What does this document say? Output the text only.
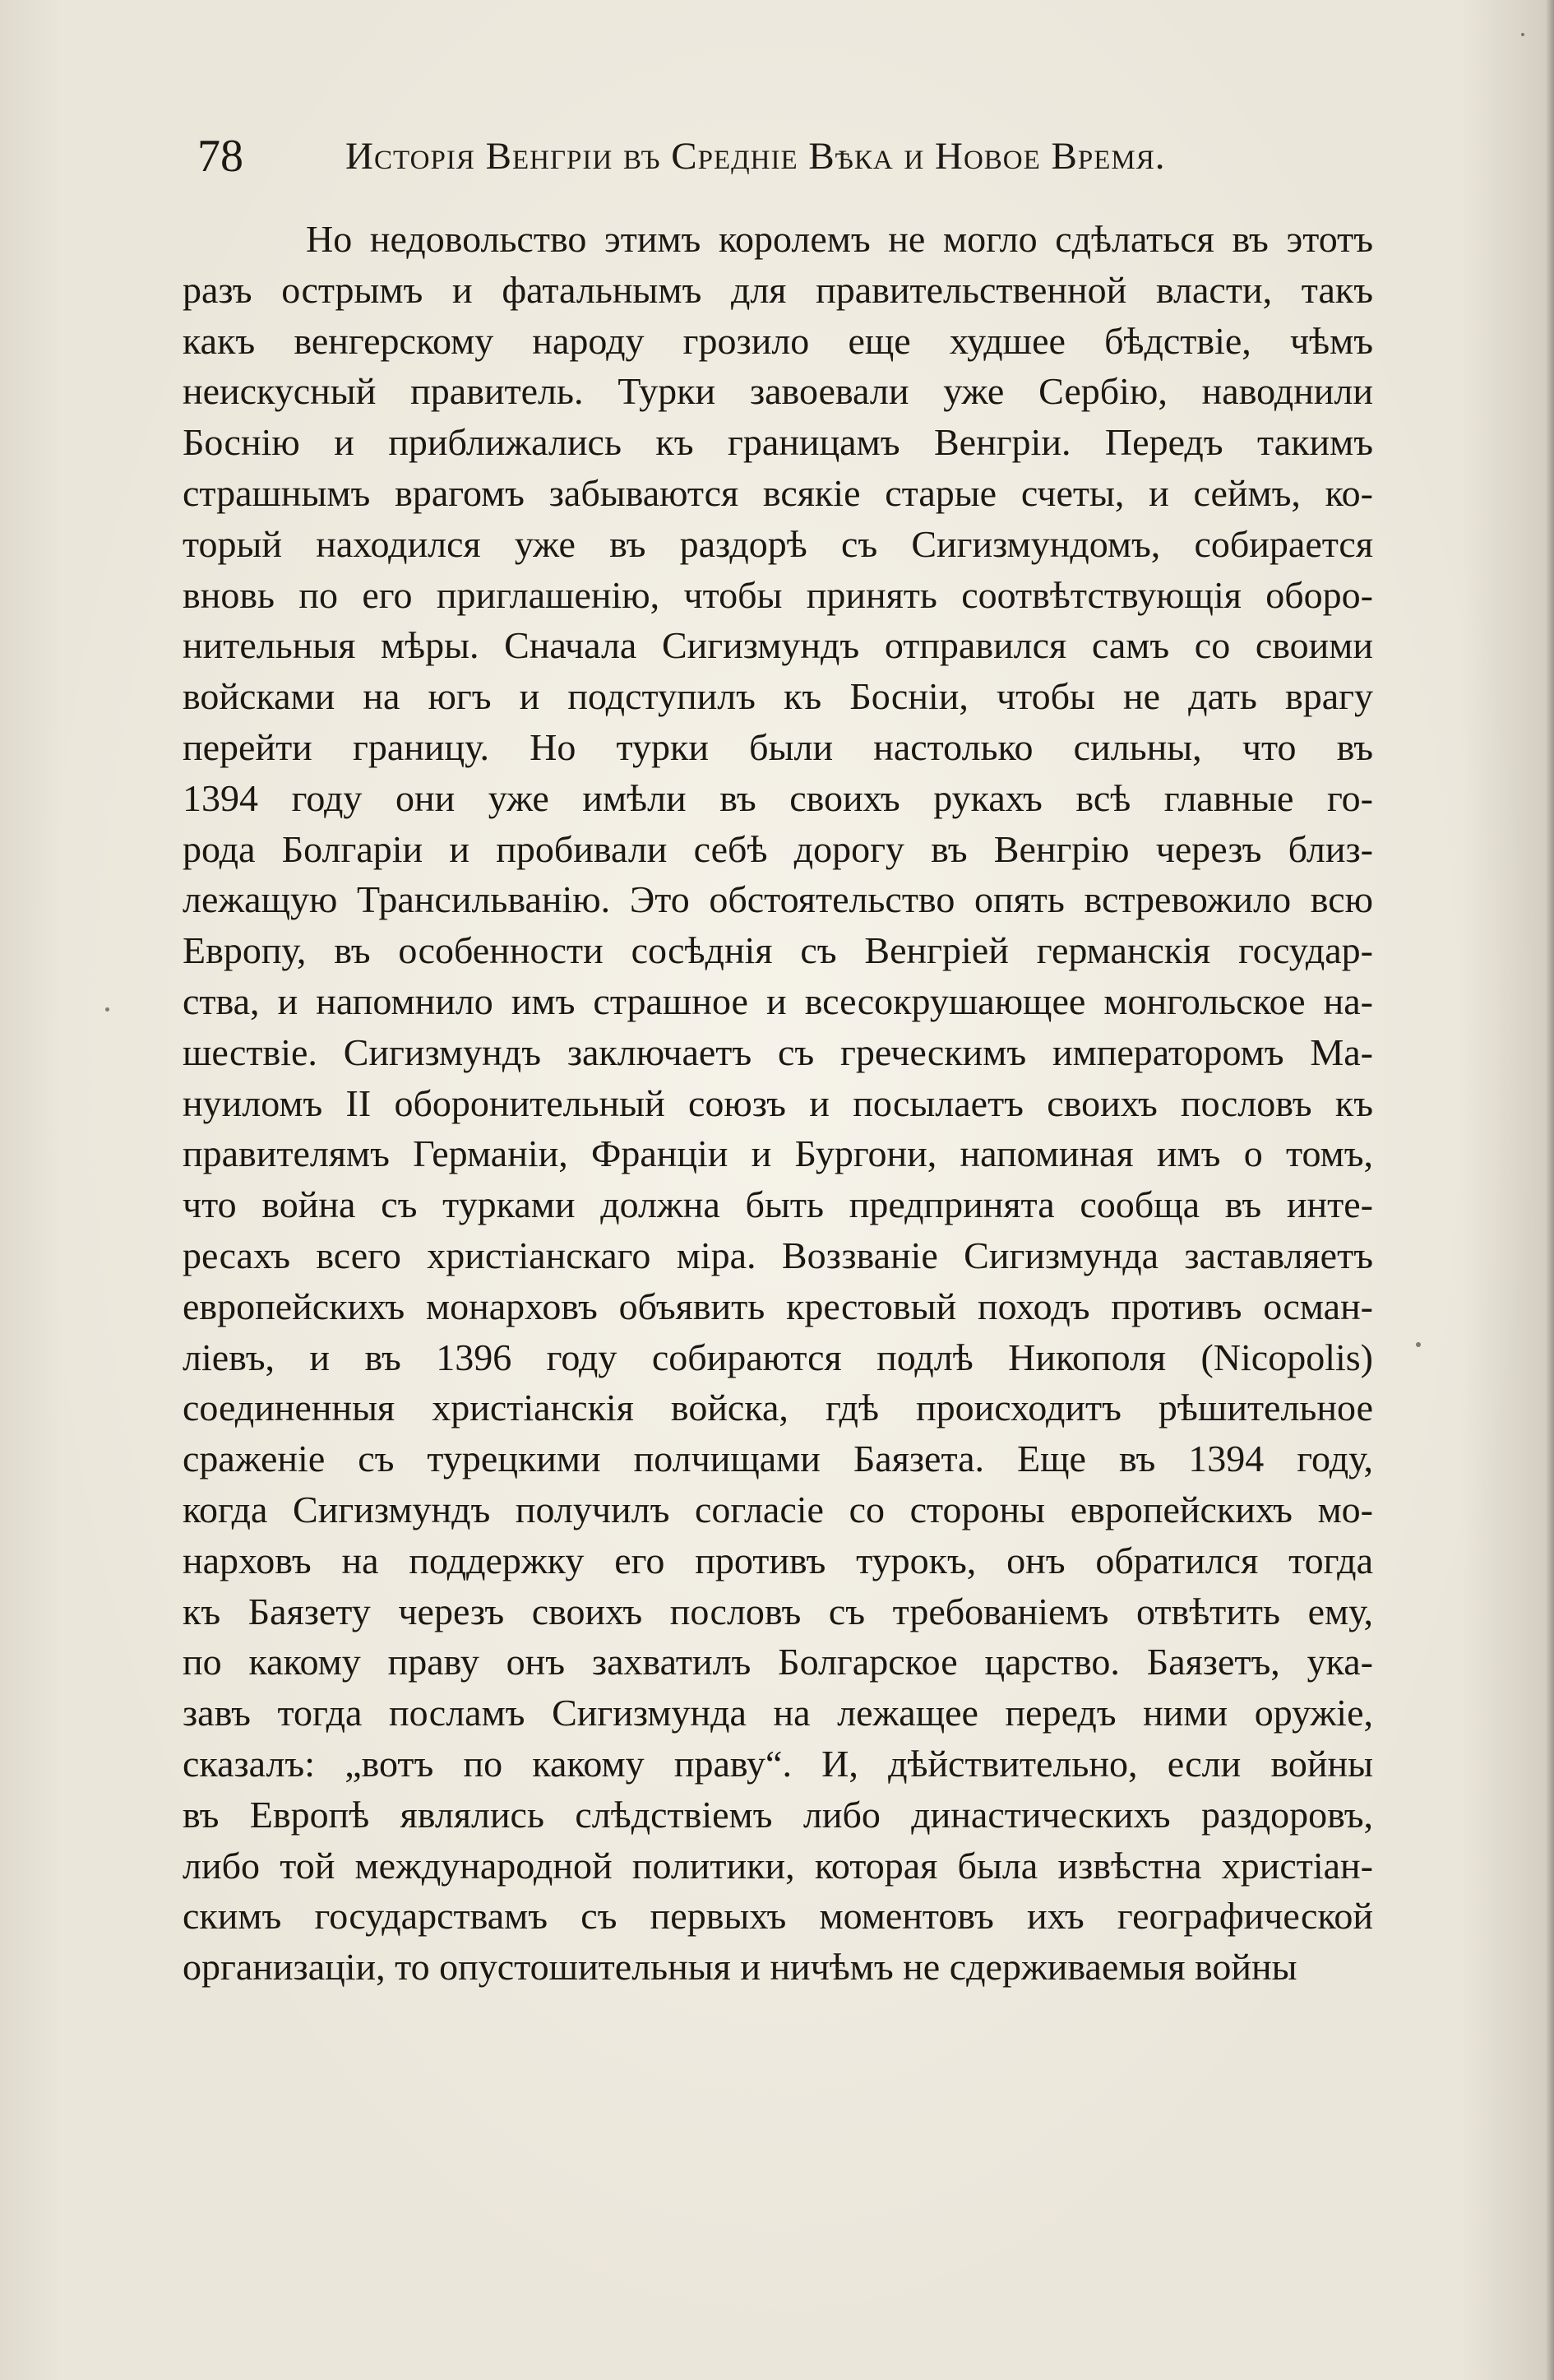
78	Исторія Венгріи въ Средніе Вѣка и Новое Время.
Но недовольство этимъ королемъ не могло сдѣлаться въ этотъ
разъ острымъ и фатальнымъ для правительственной власти, такъ
какъ венгерскому народу грозило еще худшее бѣдствіе, чѣмъ
неискусный правитель. Турки завоевали уже Сербію, наводнили
Боснію и приближались къ границамъ Венгріи. Передъ такимъ
страшнымъ врагомъ забываются всякіе старые счеты, и сеймъ, ко-
торый находился уже въ раздорѣ съ Сигизмундомъ, собирается
вновь по его приглашенію, чтобы принять соотвѣтствующія оборо-
нительныя мѣры. Сначала Сигизмундъ отправился самъ со своими
войсками на югъ и подступилъ къ Босніи, чтобы не дать врагу
перейти границу. Но турки были настолько сильны, что въ
1394 году они уже имѣли въ своихъ рукахъ всѣ главные го-
рода Болгаріи и пробивали себѣ дорогу въ Венгрію черезъ близ-
лежащую Трансильванію. Это обстоятельство опять встревожило всю
Европу, въ особенности сосѣднія съ Венгріей германскія государ-
ства, и напомнило имъ страшное и всесокрушающее монгольское на-
шествіе. Сигизмундъ заключаетъ съ греческимъ императоромъ Ма-
нуиломъ II оборонительный союзъ и посылаетъ своихъ пословъ къ
правителямъ Германіи, Франціи и Бургони, напоминая имъ о томъ,
что война съ турками должна быть предпринята сообща въ инте-
ресахъ всего христіанскаго міра. Воззваніе Сигизмунда заставляетъ
европейскихъ монарховъ объявить крестовый походъ противъ осман-
ліевъ, и въ 1396 году собираются подлѣ Никополя (Nicopolis)
соединенныя христіанскія войска, гдѣ происходитъ рѣшительное
сраженіе съ турецкими полчищами Баязета. Еще въ 1394 году,
когда Сигизмундъ получилъ согласіе со стороны европейскихъ мо-
нарховъ на поддержку его противъ турокъ, онъ обратился тогда
къ Баязету черезъ своихъ пословъ съ требованіемъ отвѣтить ему,
по какому праву онъ захватилъ Болгарское царство. Баязетъ, ука-
завъ тогда посламъ Сигизмунда на лежащее передъ ними оружіе,
сказалъ: „вотъ по какому праву“. И, дѣйствительно, если войны
въ Европѣ являлись слѣдствіемъ либо династическихъ раздоровъ,
либо той международной политики, которая была извѣстна христіан-
скимъ государствамъ съ первыхъ моментовъ ихъ географической
организаціи, то опустошительныя и ничѣмъ не сдерживаемыя войны
